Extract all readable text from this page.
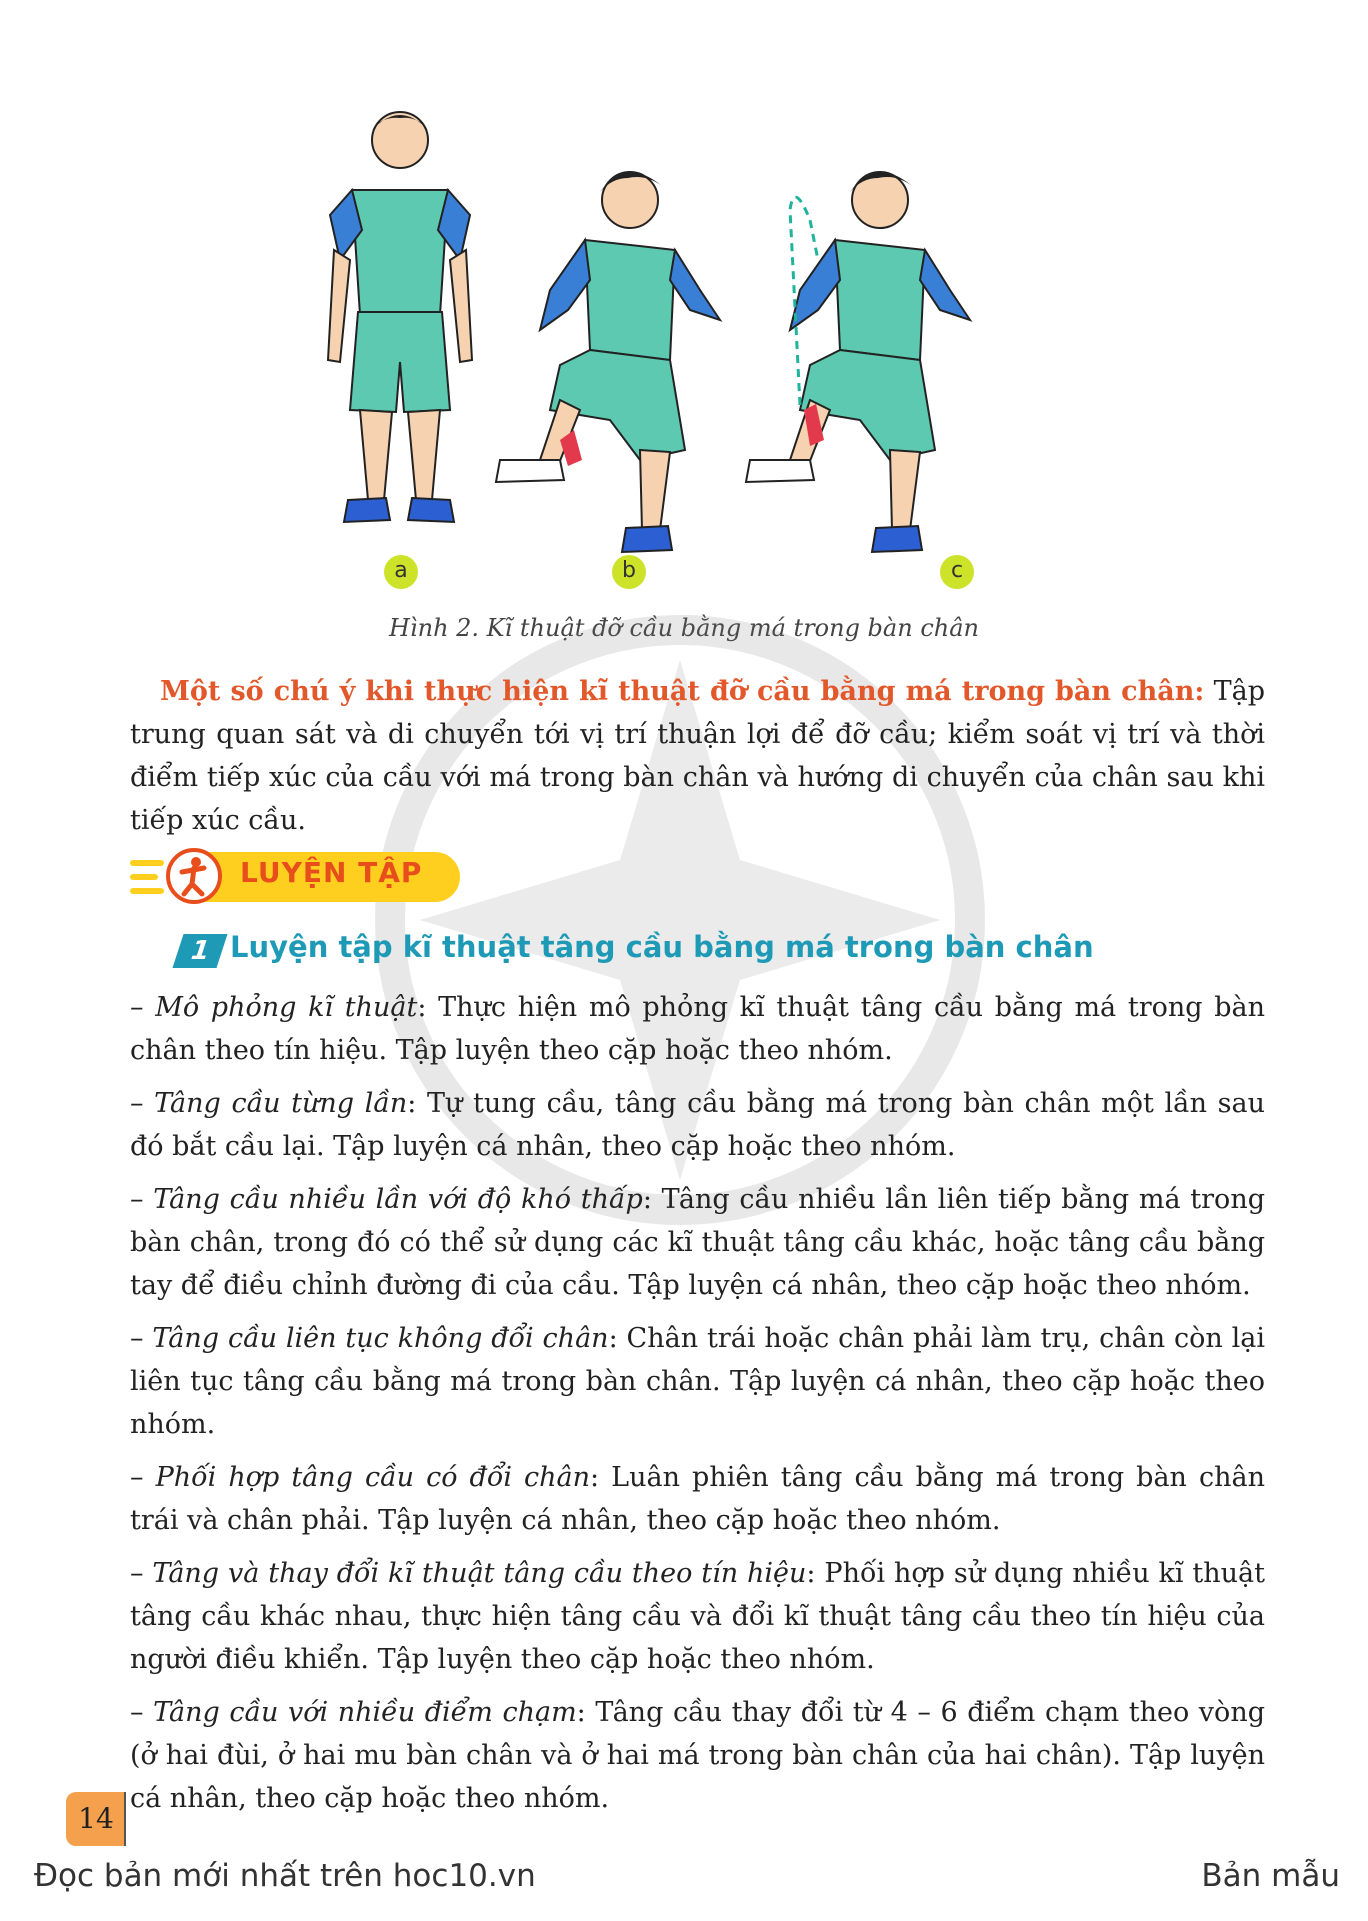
a	b	c
Hình 2. Kĩ thuật đỡ cầu bằng má trong bàn chân

Một số chú ý khi thực hiện kĩ thuật đỡ cầu bằng má trong bàn chân: Tập trung quan sát và di chuyển tới vị trí thuận lợi để đỡ cầu; kiểm soát vị trí và thời điểm tiếp xúc của cầu với má trong bàn chân và hướng di chuyển của chân sau khi tiếp xúc cầu.

LUYỆN TẬP
1 Luyện tập kĩ thuật tâng cầu bằng má trong bàn chân

– Mô phỏng kĩ thuật: Thực hiện mô phỏng kĩ thuật tâng cầu bằng má trong bàn chân theo tín hiệu. Tập luyện theo cặp hoặc theo nhóm.

– Tâng cầu từng lần: Tự tung cầu, tâng cầu bằng má trong bàn chân một lần sau đó bắt cầu lại. Tập luyện cá nhân, theo cặp hoặc theo nhóm.

– Tâng cầu nhiều lần với độ khó thấp: Tâng cầu nhiều lần liên tiếp bằng má trong bàn chân, trong đó có thể sử dụng các kĩ thuật tâng cầu khác, hoặc tâng cầu bằng tay để điều chỉnh đường đi của cầu. Tập luyện cá nhân, theo cặp hoặc theo nhóm.

– Tâng cầu liên tục không đổi chân: Chân trái hoặc chân phải làm trụ, chân còn lại liên tục tâng cầu bằng má trong bàn chân. Tập luyện cá nhân, theo cặp hoặc theo nhóm.

– Phối hợp tâng cầu có đổi chân: Luân phiên tâng cầu bằng má trong bàn chân trái và chân phải. Tập luyện cá nhân, theo cặp hoặc theo nhóm.

– Tâng và thay đổi kĩ thuật tâng cầu theo tín hiệu: Phối hợp sử dụng nhiều kĩ thuật tâng cầu khác nhau, thực hiện tâng cầu và đổi kĩ thuật tâng cầu theo tín hiệu của người điều khiển. Tập luyện theo cặp hoặc theo nhóm.

– Tâng cầu với nhiều điểm chạm: Tâng cầu thay đổi từ 4 – 6 điểm chạm theo vòng (ở hai đùi, ở hai mu bàn chân và ở hai má trong bàn chân của hai chân). Tập luyện cá nhân, theo cặp hoặc theo nhóm.

14
Đọc bản mới nhất trên hoc10.vn	Bản mẫu
